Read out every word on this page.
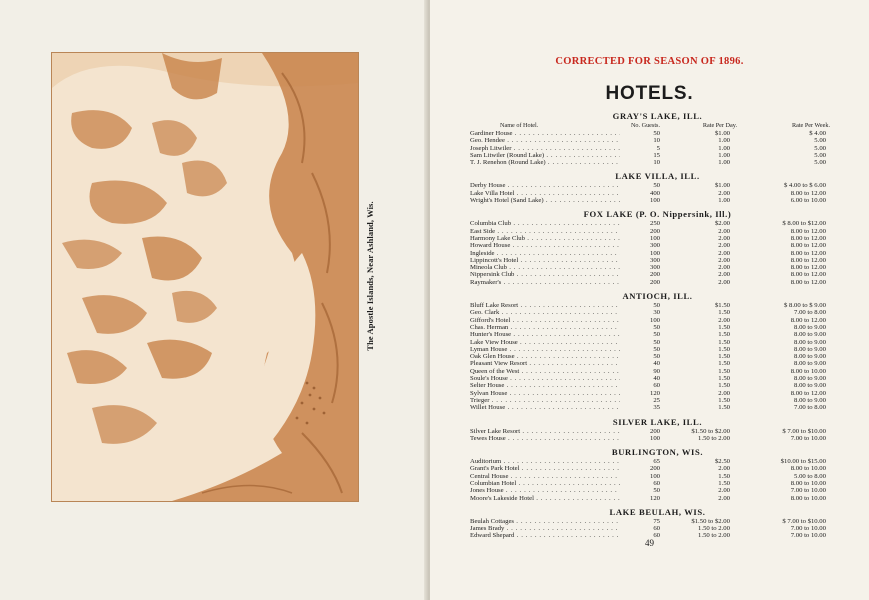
The Apostle Islands, Near Ashland, Wis.
CORRECTED FOR SEASON OF 1896.
HOTELS.
GRAY'S LAKE, ILL.
Name of Hotel.	No. Guests.	Rate Per Day.	Rate Per Week.
Gardiner House . . .	50	$1.00	$ 4.00
Geo. Hendee . . .	10	1.00	5.00
Joseph Litwiler . . .	5	1.00	5.00
Sam Litwiler (Round Lake) . . .	15	1.00	5.00
T. J. Renehon (Round Lake) . . .	10	1.00	5.00
LAKE VILLA, ILL.
Derby House . . .	50	$1.00	$ 4.00 to $ 6.00
Lake Villa Hotel . . .	400	2.00	8.00 to 12.00
Wright's Hotel (Sand Lake) . . .	100	1.00	6.00 to 10.00
FOX LAKE (P. O. Nippersink, Ill.)
Columbia Club . . .	250	$2.00	$ 8.00 to $12.00
East Side . . .	200	2.00	8.00 to 12.00
Harmony Lake Club . . .	100	2.00	8.00 to 12.00
Howard House . . .	300	2.00	8.00 to 12.00
Ingleside . . .	100	2.00	8.00 to 12.00
Lippincott's Hotel . . .	300	2.00	8.00 to 12.00
Mineola Club . . .	300	2.00	8.00 to 12.00
Nippersink Club . . .	200	2.00	8.00 to 12.00
Raymaker's . . .	200	2.00	8.00 to 12.00
ANTIOCH, ILL.
Bluff Lake Resort . . .	50	$1.50	$ 8.00 to $ 9.00
Geo. Clark . . .	30	1.50	7.00 to 8.00
Gifford's Hotel . . .	100	2.00	8.00 to 12.00
Chas. Herman . . .	50	1.50	8.00 to 9.00
Hunter's House . . .	50	1.50	8.00 to 9.00
Lake View House . . .	50	1.50	8.00 to 9.00
Lyman House . . .	50	1.50	8.00 to 9.00
Oak Glen House . . .	50	1.50	8.00 to 9.00
Pleasant View Resort . . .	40	1.50	8.00 to 9.00
Queen of the West . . .	90	1.50	8.00 to 10.00
Soule's House . . .	40	1.50	8.00 to 9.00
Selter House . . .	60	1.50	8.00 to 9.00
Sylvan House . . .	120	2.00	8.00 to 12.00
Trieger . . .	25	1.50	8.00 to 9.00
Willet House . . .	35	1.50	7.00 to 8.00
SILVER LAKE, ILL.
Silver Lake Resort . . .	200	$1.50 to $2.00	$ 7.00 to $10.00
Tewes House . . .	100	1.50 to 2.00	7.00 to 10.00
BURLINGTON, WIS.
Auditorium . . .	65	$2.50	$10.00 to $15.00
Grant's Park Hotel . . .	200	2.00	8.00 to 10.00
Central House . . .	100	1.50	5.00 to 8.00
Columbian Hotel . . .	60	1.50	8.00 to 10.00
Jones House . . .	50	2.00	7.00 to 10.00
Moore's Lakeside Hotel . . .	120	2.00	8.00 to 10.00
LAKE BEULAH, WIS.
Beulah Cottages . . .	75	$1.50 to $2.00	$ 7.00 to $10.00
James Brady . . .	60	1.50 to 2.00	7.00 to 10.00
Edward Shepard . . .	60	1.50 to 2.00	7.00 to 10.00
49
